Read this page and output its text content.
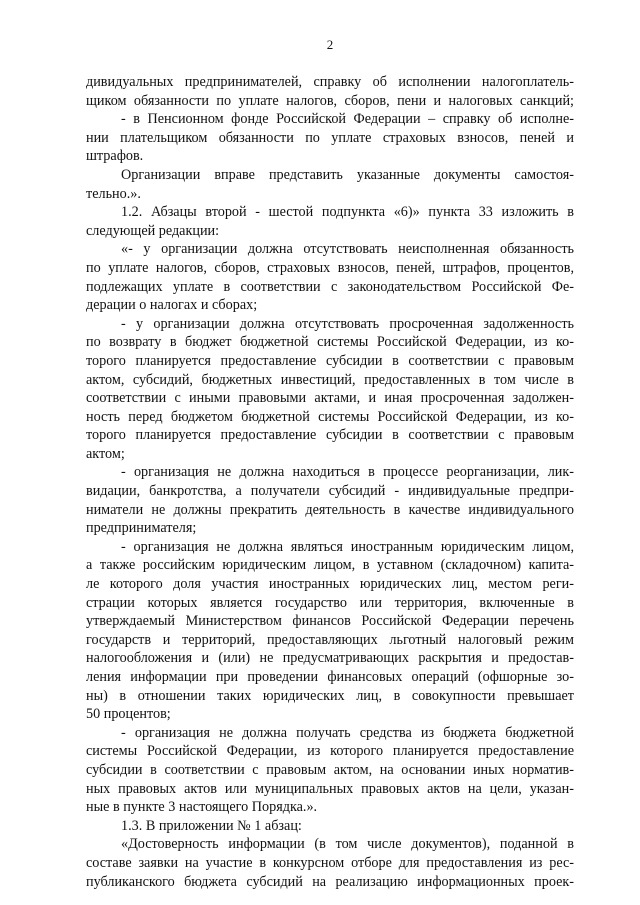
2
дивидуальных предпринимателей, справку об исполнении налогоплатель-
щиком обязанности по уплате налогов, сборов, пени и налоговых санкций;
- в Пенсионном фонде Российской Федерации – справку об исполне-
нии плательщиком обязанности по уплате страховых взносов, пеней и
штрафов.
Организации вправе представить указанные документы самостоя-
тельно.».
1.2. Абзацы второй - шестой подпункта «6)» пункта 33 изложить в
следующей редакции:
«- у организации должна отсутствовать неисполненная обязанность
по уплате налогов, сборов, страховых взносов, пеней, штрафов, процентов,
подлежащих уплате в соответствии с законодательством Российской Фе-
дерации о налогах и сборах;
- у организации должна отсутствовать просроченная задолженность
по возврату в бюджет бюджетной системы Российской Федерации, из ко-
торого планируется предоставление субсидии в соответствии с правовым
актом, субсидий, бюджетных инвестиций, предоставленных в том числе в
соответствии с иными правовыми актами, и иная просроченная задолжен-
ность перед бюджетом бюджетной системы Российской Федерации, из ко-
торого планируется предоставление субсидии в соответствии с правовым
актом;
- организация не должна находиться в процессе реорганизации, лик-
видации, банкротства, а получатели субсидий - индивидуальные предпри-
ниматели не должны прекратить деятельность в качестве индивидуального
предпринимателя;
- организация не должна являться иностранным юридическим лицом,
а также российским юридическим лицом, в уставном (складочном) капита-
ле которого доля участия иностранных юридических лиц, местом реги-
страции которых является государство или территория, включенные в
утверждаемый Министерством финансов Российской Федерации перечень
государств и территорий, предоставляющих льготный налоговый режим
налогообложения и (или) не предусматривающих раскрытия и предостав-
ления информации при проведении финансовых операций (офшорные зо-
ны) в отношении таких юридических лиц, в совокупности превышает
50 процентов;
- организация не должна получать средства из бюджета бюджетной
системы Российской Федерации, из которого планируется предоставление
субсидии в соответствии с правовым актом, на основании иных норматив-
ных правовых актов или муниципальных правовых актов на цели, указан-
ные в пункте 3 настоящего Порядка.».
1.3. В приложении № 1 абзац:
«Достоверность информации (в том числе документов), поданной в
составе заявки на участие в конкурсном отборе для предоставления из рес-
публиканского бюджета субсидий на реализацию информационных проек-
